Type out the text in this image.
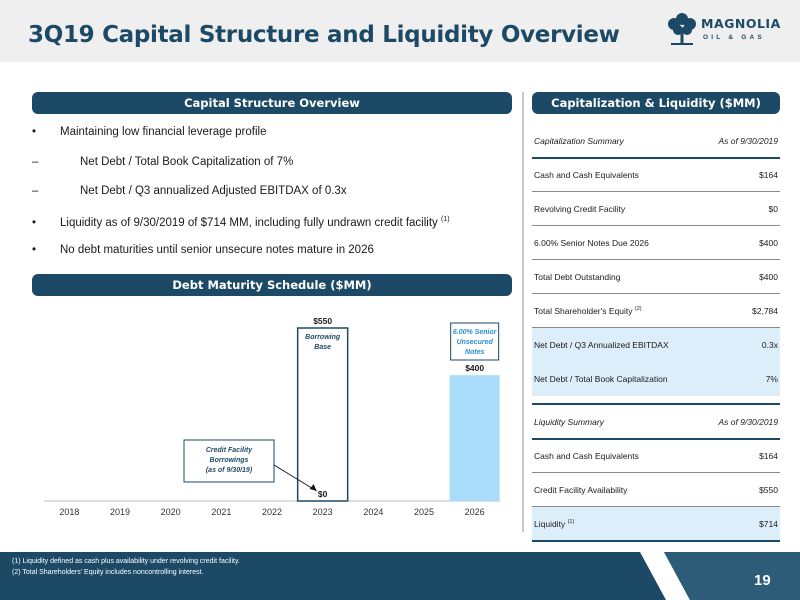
3Q19 Capital Structure and Liquidity Overview	MAGNOLIA
OIL & GAS
Capital Structure Overview
• Maintaining low financial leverage profile
–	Net Debt / Total Book Capitalization of 7%
–	Net Debt / Q3 annualized Adjusted EBITDAX of 0.3x
• Liquidity as of 9/30/2019 of $714 MM, including fully undrawn credit facility $^{(1)}$
• No debt maturities until senior unsecure notes mature in 2026
Debt Maturity Schedule ($MM)
2018	2019	2020	2021	2022	2023	2024	2025	2026
$550
$0
$400
Borrowing
Base
6.00% Senior
Unsecured
Notes
Credit Facility
Borrowings
(as of 9/30/19)
Capitalization & Liquidity ($MM)
Capitalization Summary	As of 9/30/2019
Cash and Cash Equivalents	$164
Revolving Credit Facility	$0
6.00% Senior Notes Due 2026	$400
Total Debt Outstanding	$400
Total Shareholder's Equity $^{(2)}$	$2,784
Net Debt / Q3 Annualized EBITDAX	0.3x
Net Debt / Total Book Capitalization	7%
Liquidity Summary	As of 9/30/2019
Cash and Cash Equivalents	$164
Credit Facility Availability	$550
Liquidity $^{(1)}$	$714
(1) Liquidity defined as cash plus availability under revolving credit facility.
(2) Total Shareholders' Equity includes noncontrolling interest.	19
